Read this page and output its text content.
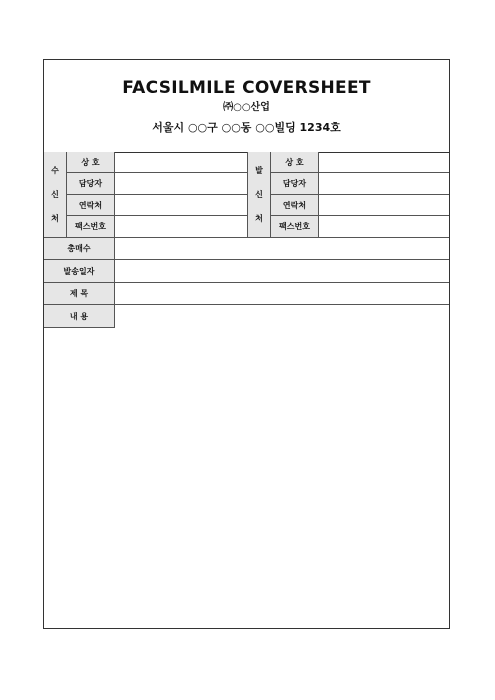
FACSILMILE COVERSHEET
㈜○○산업
서울시 ○○구 ○○동 ○○빌딩 1234호
수
신
처
상 호
담당자
연락처
팩스번호
발
신
처
상 호
담당자
연락처
팩스번호
총매수
발송일자
제 목
내 용
